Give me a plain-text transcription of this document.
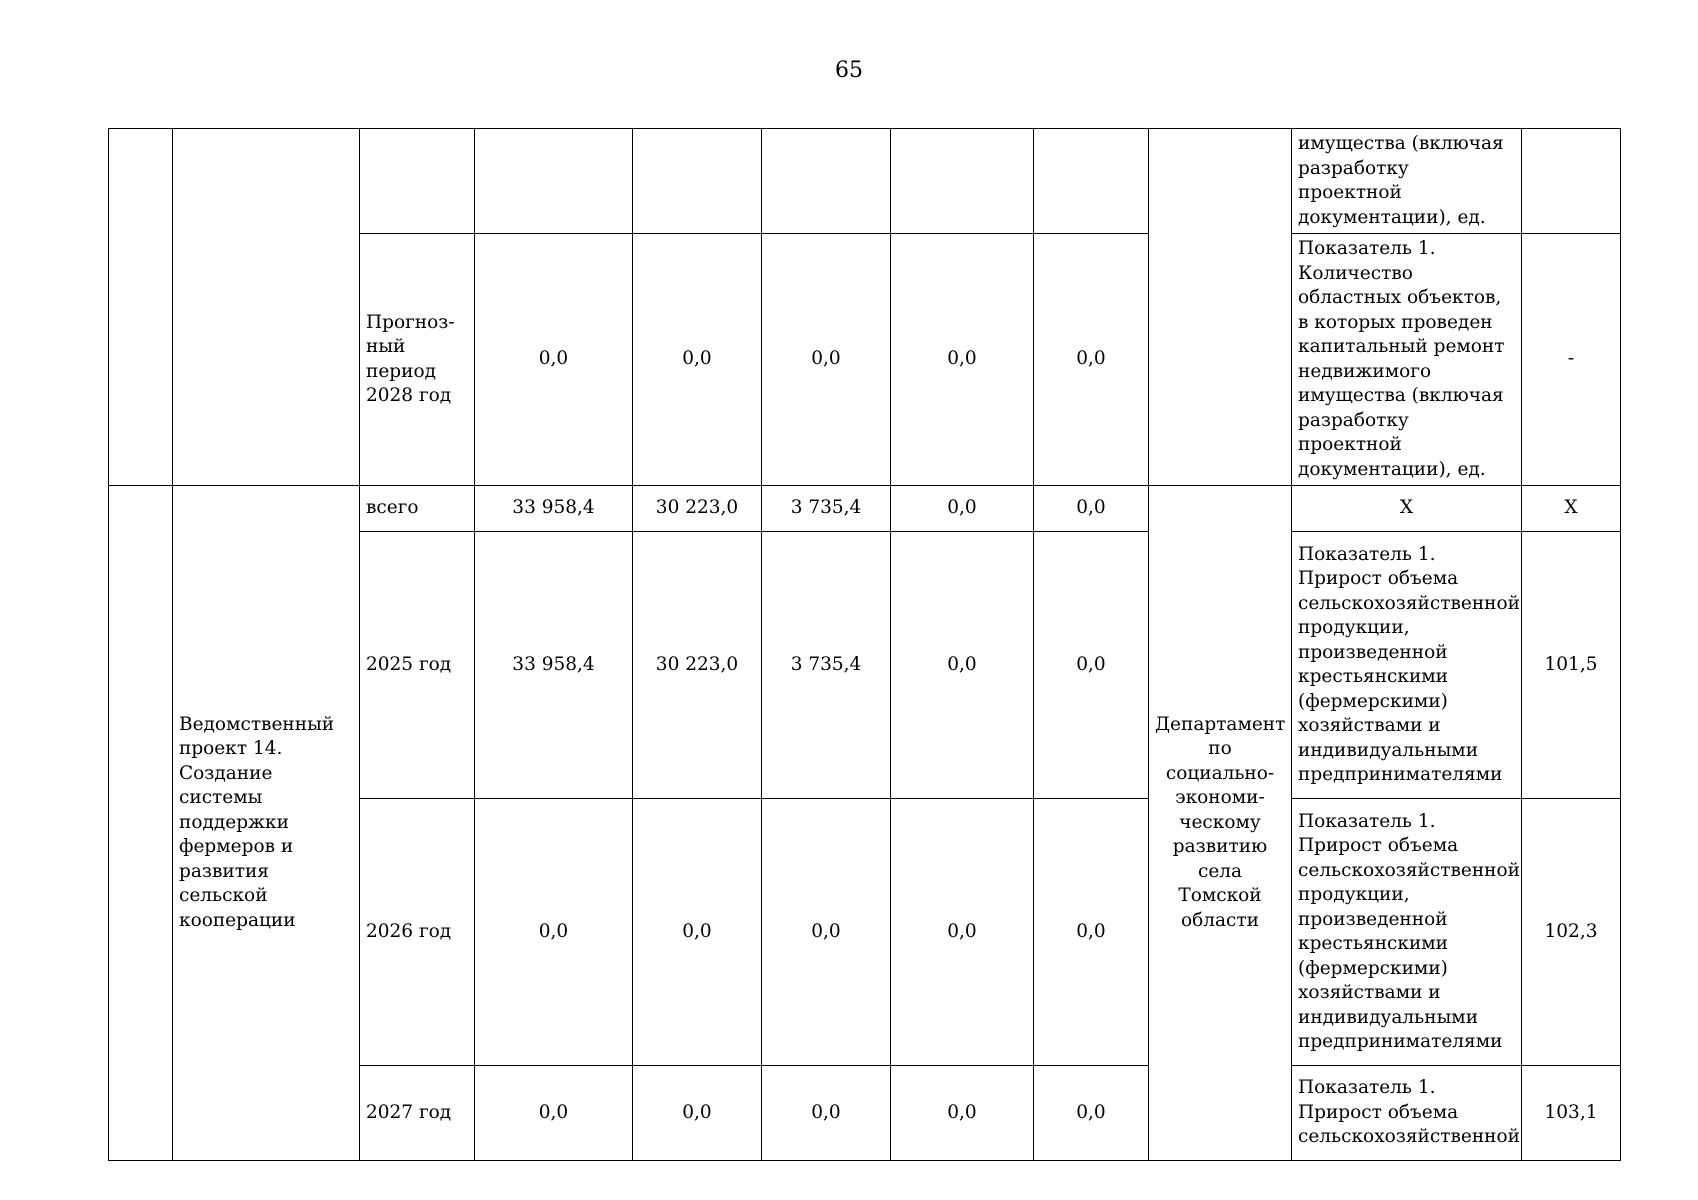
65
									имущества (включая разработку проектной документации), ед.	
		Прогноз-ный период 2028 год	0,0	0,0	0,0	0,0	0,0		Показатель 1. Количество областных объектов, в которых проведен капитальный ремонт недвижимого имущества (включая разработку проектной документации), ед.	-
	Ведомственный проект 14. Создание системы поддержки фермеров и развития сельской кооперации	всего	33 958,4	30 223,0	3 735,4	0,0	0,0	Департамент по социально-экономи-ческому развитию села Томской области	X	X
		2025 год	33 958,4	30 223,0	3 735,4	0,0	0,0		Показатель 1. Прирост объема сельскохозяйственной продукции, произведенной крестьянскими (фермерскими) хозяйствами и индивидуальными предпринимателями	101,5
		2026 год	0,0	0,0	0,0	0,0	0,0		Показатель 1. Прирост объема сельскохозяйственной продукции, произведенной крестьянскими (фермерскими) хозяйствами и индивидуальными предпринимателями	102,3
		2027 год	0,0	0,0	0,0	0,0	0,0		Показатель 1. Прирост объема сельскохозяйственной	103,1
